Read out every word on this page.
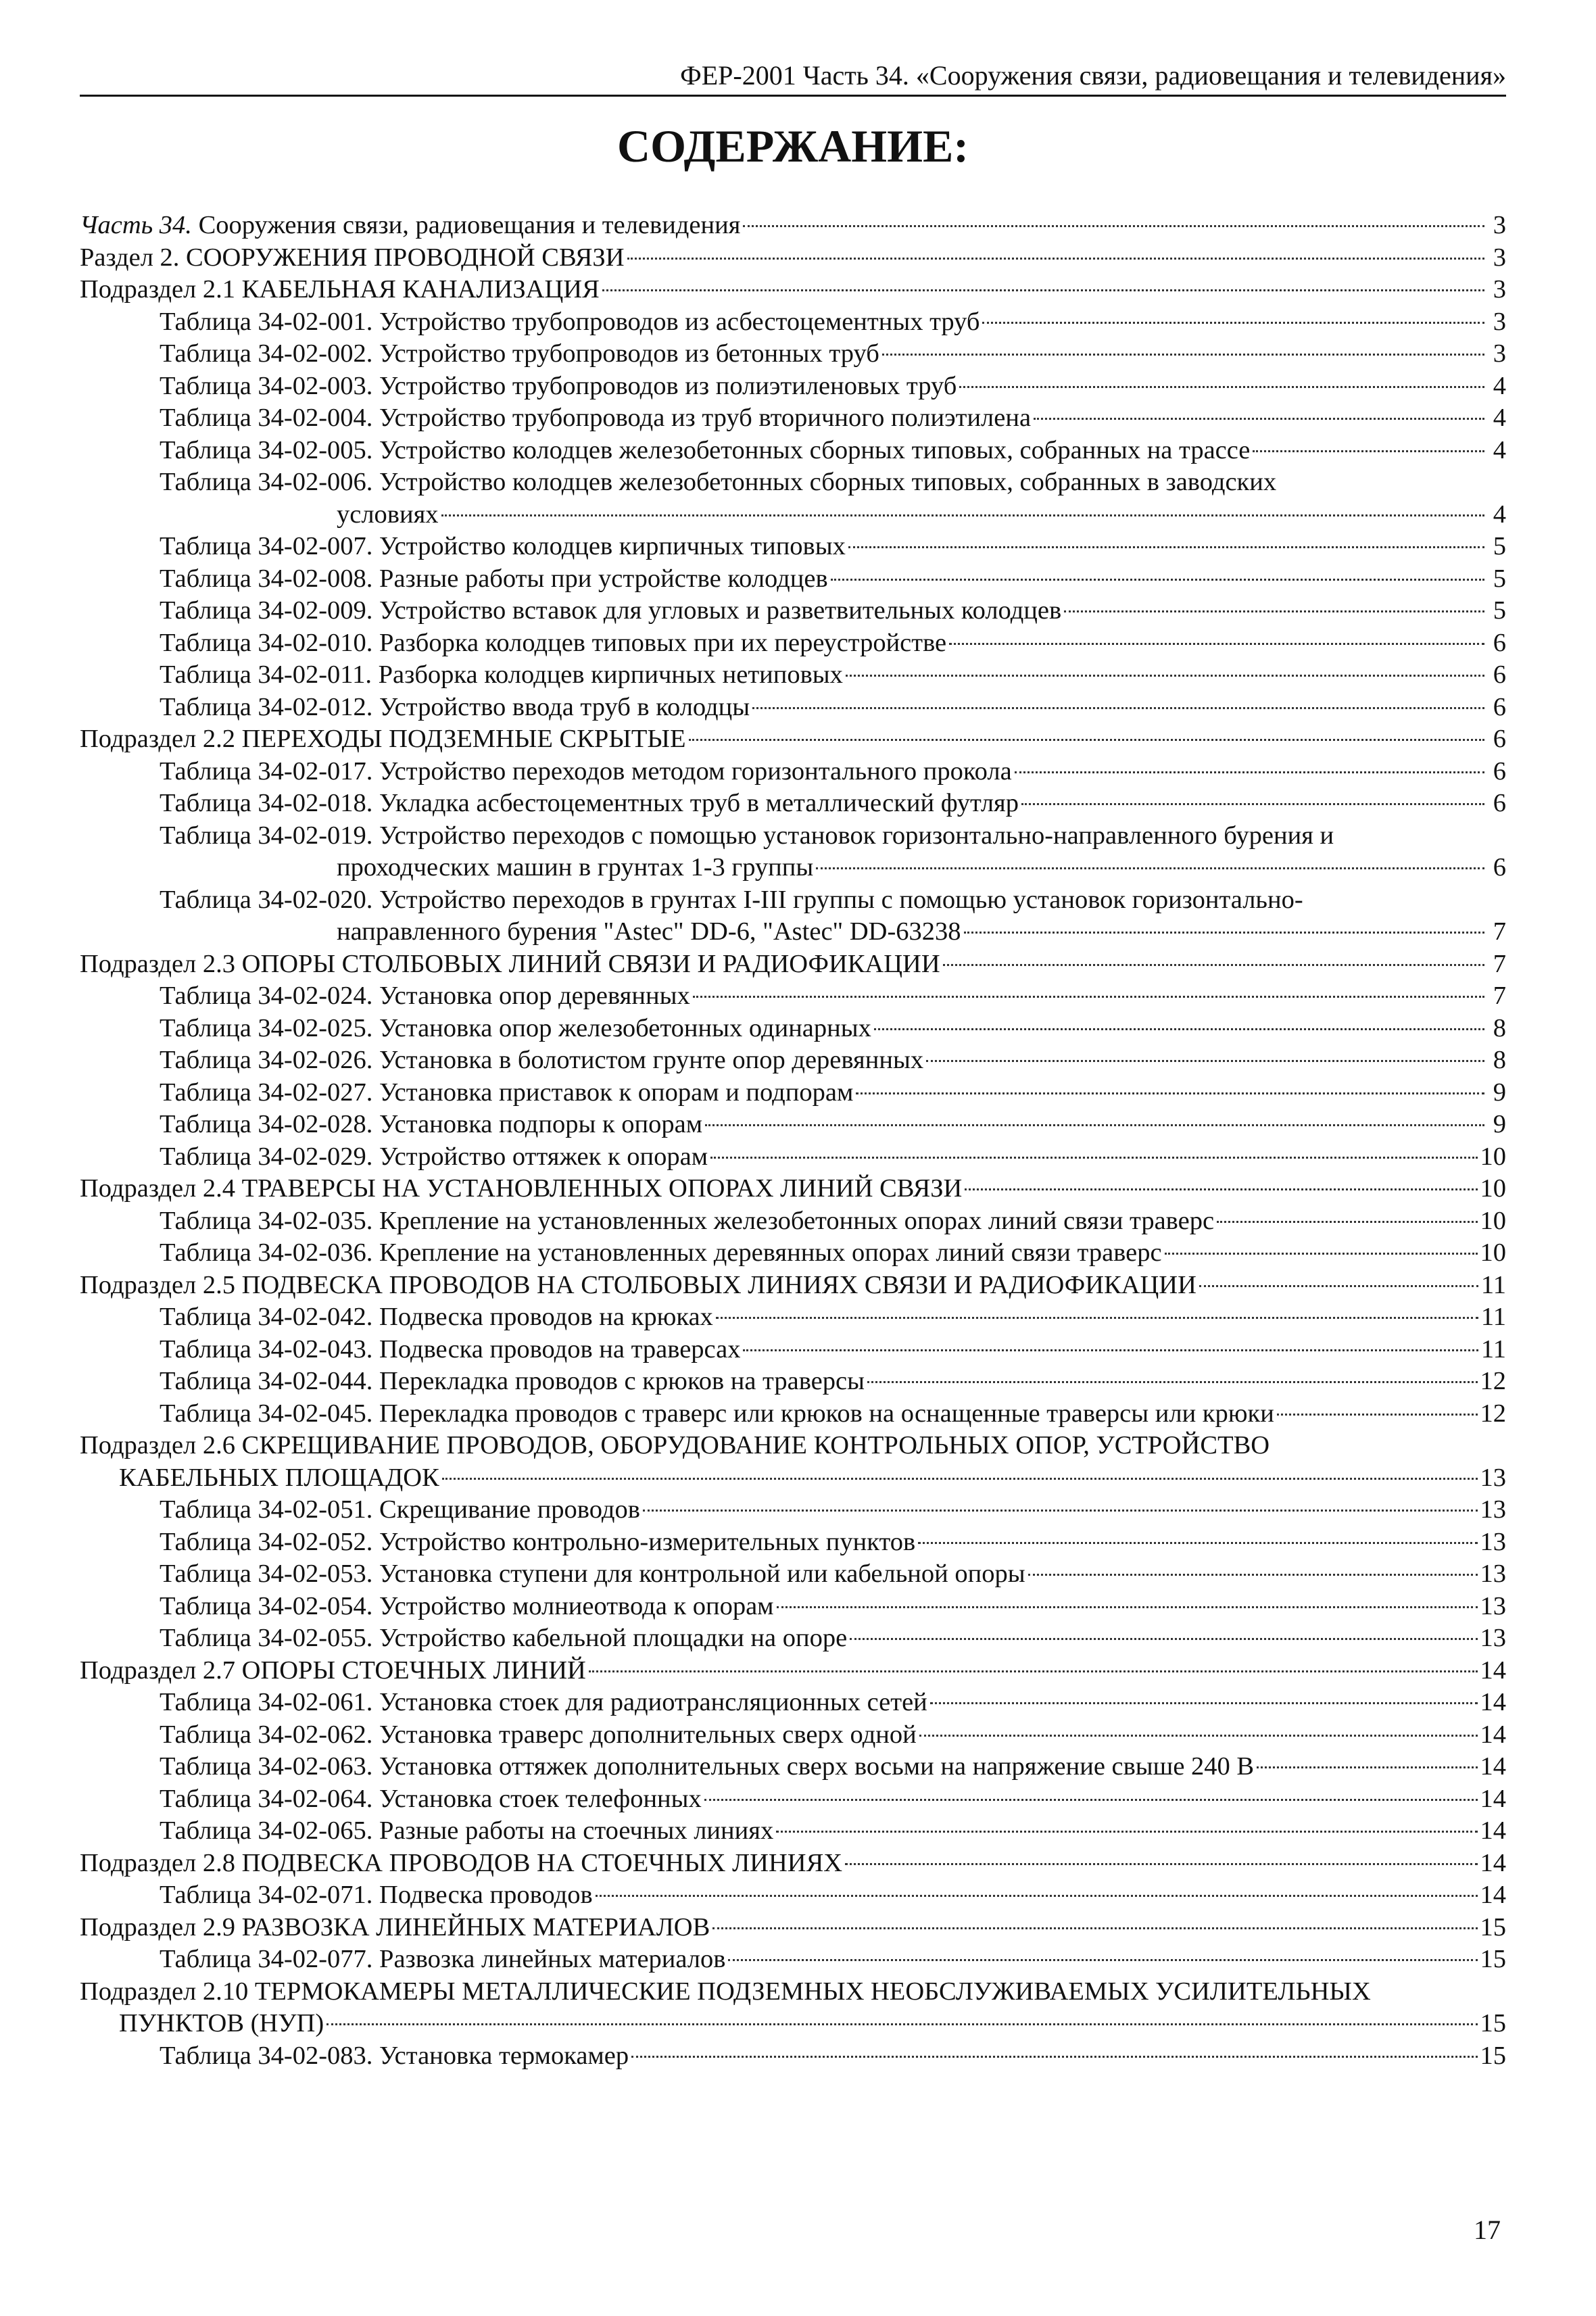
ФЕР-2001 Часть 34. «Сооружения связи, радиовещания и телевидения»
СОДЕРЖАНИЕ:
Часть 34. Сооружения связи, радиовещания и телевидения	3
Раздел 2. СООРУЖЕНИЯ ПРОВОДНОЙ СВЯЗИ	3
Подраздел 2.1 КАБЕЛЬНАЯ КАНАЛИЗАЦИЯ	3
Таблица 34-02-001. Устройство трубопроводов из асбестоцементных труб	3
Таблица 34-02-002. Устройство трубопроводов из бетонных труб	3
Таблица 34-02-003. Устройство трубопроводов из полиэтиленовых труб	4
Таблица 34-02-004. Устройство трубопровода из труб вторичного полиэтилена	4
Таблица 34-02-005. Устройство колодцев железобетонных сборных типовых, собранных на трассе	4
Таблица 34-02-006. Устройство колодцев железобетонных сборных типовых, собранных в заводских
условиях	4
Таблица 34-02-007. Устройство колодцев кирпичных типовых	5
Таблица 34-02-008. Разные работы при устройстве колодцев	5
Таблица 34-02-009. Устройство вставок для угловых и разветвительных колодцев	5
Таблица 34-02-010. Разборка колодцев типовых при их переустройстве	6
Таблица 34-02-011. Разборка колодцев кирпичных нетиповых	6
Таблица 34-02-012. Устройство ввода труб в колодцы	6
Подраздел 2.2 ПЕРЕХОДЫ ПОДЗЕМНЫЕ СКРЫТЫЕ	6
Таблица 34-02-017. Устройство переходов методом горизонтального прокола	6
Таблица 34-02-018. Укладка асбестоцементных труб в металлический футляр	6
Таблица 34-02-019. Устройство переходов с помощью установок горизонтально-направленного бурения и
проходческих машин в грунтах 1-3 группы	6
Таблица 34-02-020. Устройство переходов в грунтах I-III группы с помощью установок горизонтально-
направленного бурения "Astec" DD-6, "Astec" DD-63238	7
Подраздел 2.3 ОПОРЫ СТОЛБОВЫХ ЛИНИЙ СВЯЗИ И РАДИОФИКАЦИИ	7
Таблица 34-02-024. Установка опор деревянных	7
Таблица 34-02-025. Установка опор железобетонных одинарных	8
Таблица 34-02-026. Установка в болотистом грунте опор деревянных	8
Таблица 34-02-027. Установка приставок к опорам и подпорам	9
Таблица 34-02-028. Установка подпоры к опорам	9
Таблица 34-02-029. Устройство оттяжек к опорам	10
Подраздел 2.4 ТРАВЕРСЫ НА УСТАНОВЛЕННЫХ ОПОРАХ ЛИНИЙ СВЯЗИ	10
Таблица 34-02-035. Крепление на установленных железобетонных опорах линий связи траверс	10
Таблица 34-02-036. Крепление на установленных деревянных опорах линий связи траверс	10
Подраздел 2.5 ПОДВЕСКА ПРОВОДОВ НА СТОЛБОВЫХ ЛИНИЯХ СВЯЗИ И РАДИОФИКАЦИИ	11
Таблица 34-02-042. Подвеска проводов на крюках	11
Таблица 34-02-043. Подвеска проводов на траверсах	11
Таблица 34-02-044. Перекладка проводов с крюков на траверсы	12
Таблица 34-02-045. Перекладка проводов с траверс или крюков на оснащенные траверсы или крюки	12
Подраздел 2.6 СКРЕЩИВАНИЕ ПРОВОДОВ, ОБОРУДОВАНИЕ КОНТРОЛЬНЫХ ОПОР, УСТРОЙСТВО
КАБЕЛЬНЫХ ПЛОЩАДОК	13
Таблица 34-02-051. Скрещивание проводов	13
Таблица 34-02-052. Устройство контрольно-измерительных пунктов	13
Таблица 34-02-053. Установка ступени для контрольной или кабельной опоры	13
Таблица 34-02-054. Устройство молниеотвода к опорам	13
Таблица 34-02-055. Устройство кабельной площадки на опоре	13
Подраздел 2.7 ОПОРЫ СТОЕЧНЫХ ЛИНИЙ	14
Таблица 34-02-061. Установка стоек для радиотрансляционных сетей	14
Таблица 34-02-062. Установка траверс дополнительных сверх одной	14
Таблица 34-02-063. Установка оттяжек дополнительных сверх восьми на напряжение свыше 240 В	14
Таблица 34-02-064. Установка стоек телефонных	14
Таблица 34-02-065. Разные работы на стоечных линиях	14
Подраздел 2.8 ПОДВЕСКА ПРОВОДОВ НА СТОЕЧНЫХ ЛИНИЯХ	14
Таблица 34-02-071. Подвеска проводов	14
Подраздел 2.9 РАЗВОЗКА ЛИНЕЙНЫХ МАТЕРИАЛОВ	15
Таблица 34-02-077. Развозка линейных материалов	15
Подраздел 2.10 ТЕРМОКАМЕРЫ МЕТАЛЛИЧЕСКИЕ ПОДЗЕМНЫХ НЕОБСЛУЖИВАЕМЫХ УСИЛИТЕЛЬНЫХ
ПУНКТОВ (НУП)	15
Таблица 34-02-083. Установка термокамер	15
17
